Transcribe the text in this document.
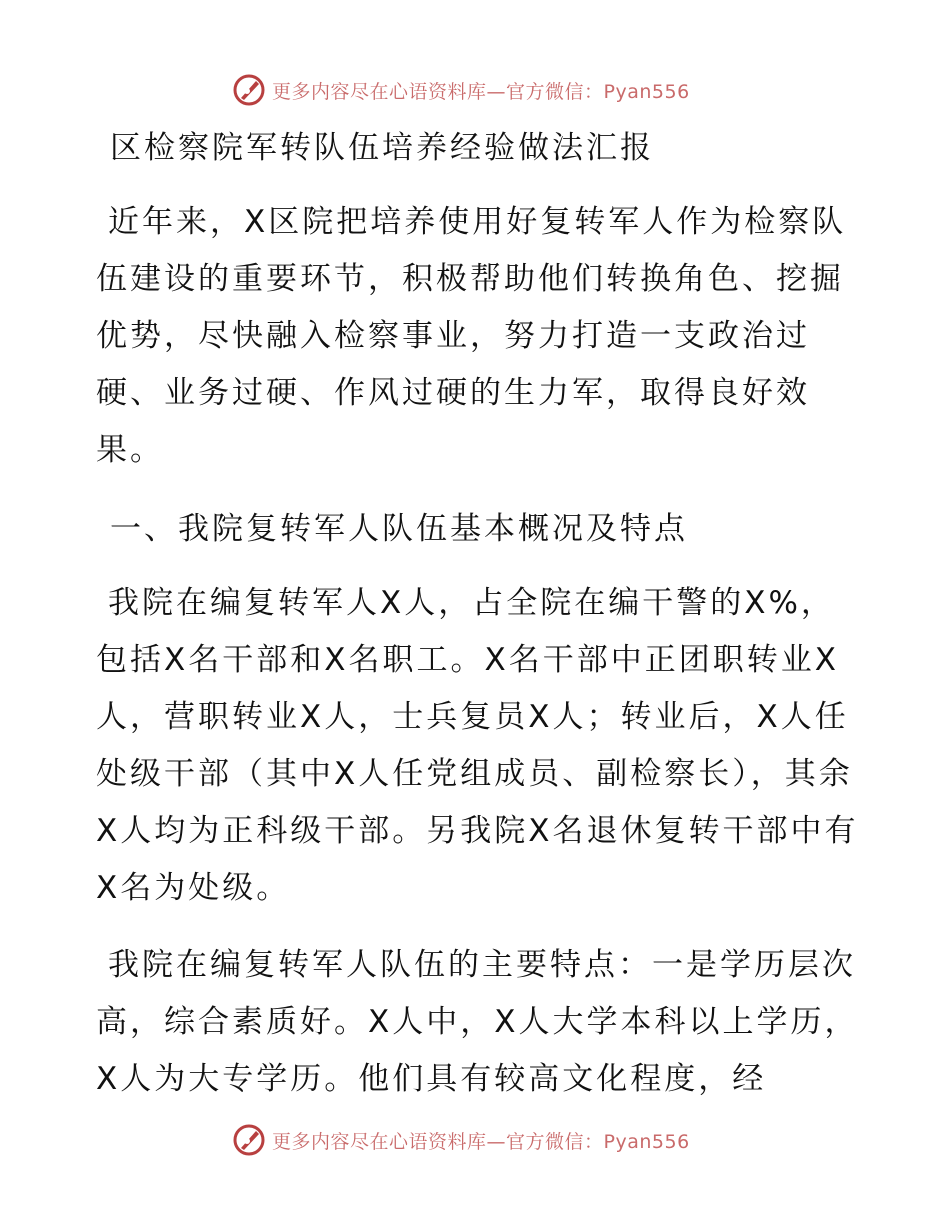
更多内容尽在心语资料库—官方微信：Pyan556

区检察院军转队伍培养经验做法汇报

近年来，X区院把培养使用好复转军人作为检察队伍建设的重要环节，积极帮助他们转换角色、挖掘优势，尽快融入检察事业，努力打造一支政治过硬、业务过硬、作风过硬的生力军，取得良好效果。

一、我院复转军人队伍基本概况及特点

我院在编复转军人X人，占全院在编干警的X%，包括X名干部和X名职工。X名干部中正团职转业X人，营职转业X人，士兵复员X人；转业后，X人任处级干部（其中X人任党组成员、副检察长），其余X人均为正科级干部。另我院X名退休复转干部中有X名为处级。

我院在编复转军人队伍的主要特点：一是学历层次高，综合素质好。X人中，X人大学本科以上学历，X人为大专学历。他们具有较高文化程度，经

更多内容尽在心语资料库—官方微信：Pyan556
